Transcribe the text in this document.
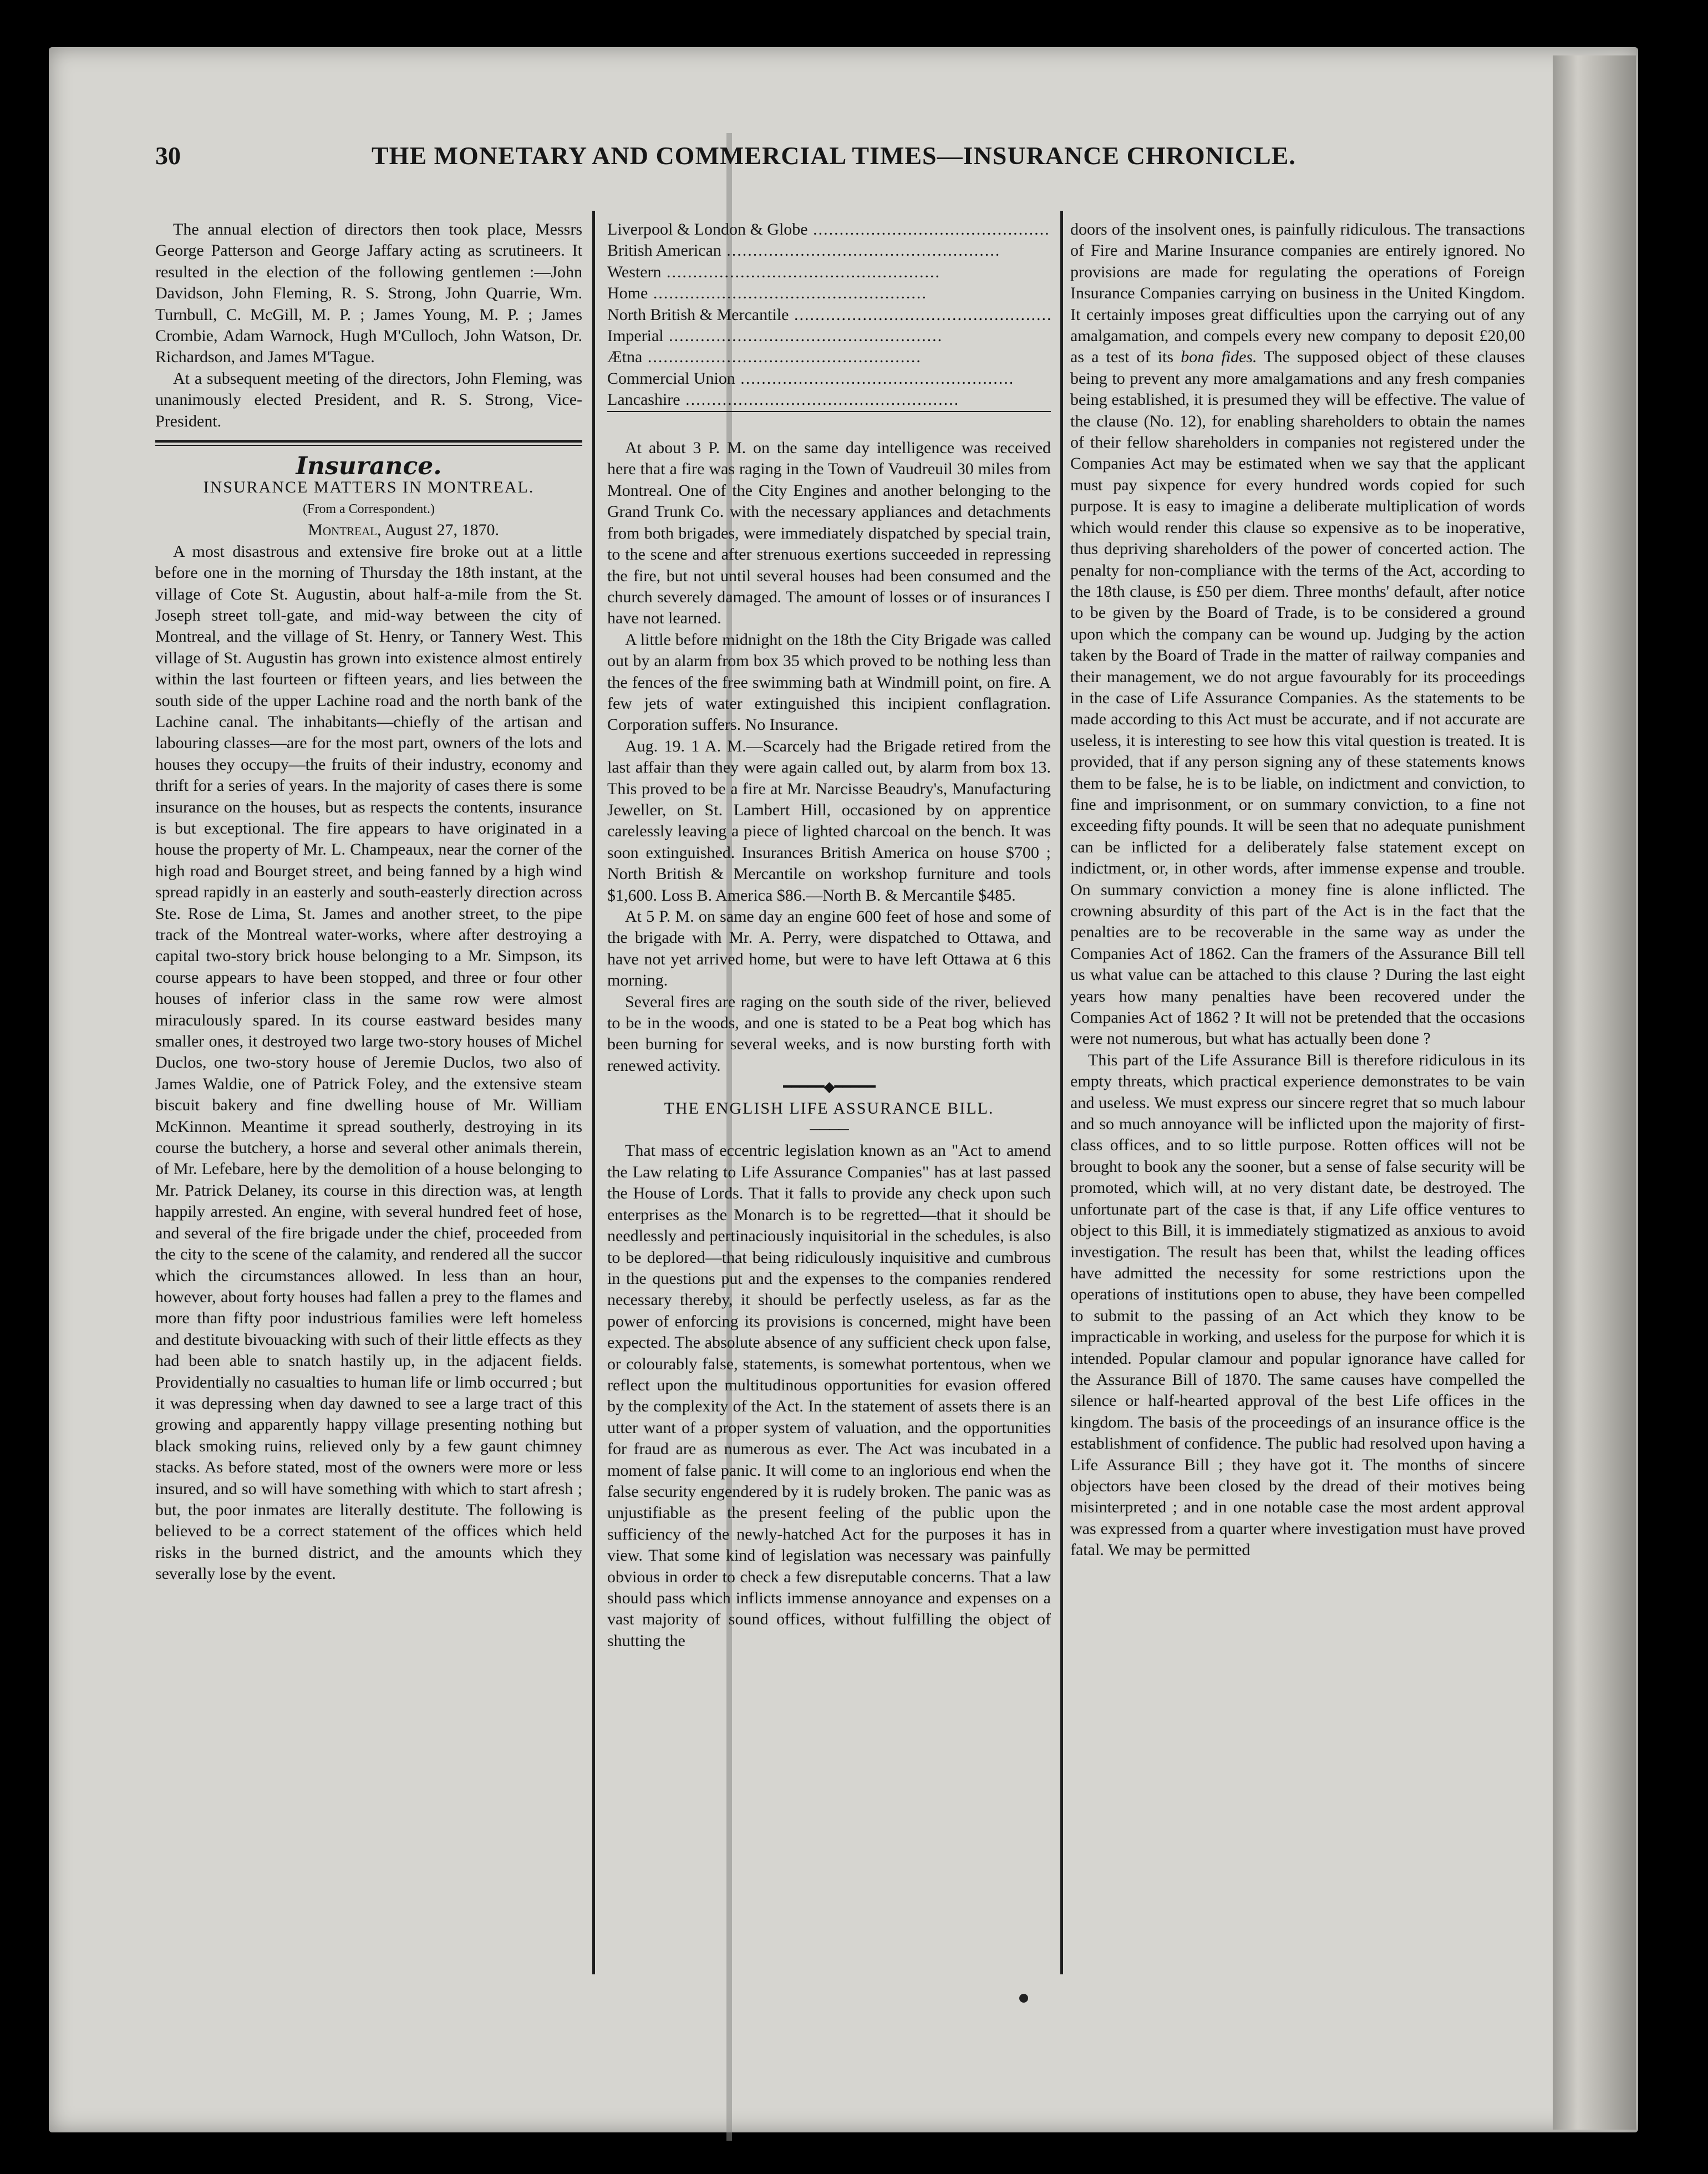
30	THE MONETARY AND COMMERCIAL TIMES—INSURANCE CHRONICLE.

The annual election of directors then took place, Messrs George Patterson and George Jaffary acting as scrutineers. It resulted in the election of the following gentlemen :—John Davidson, John Fleming, R. S. Strong, John Quarrie, Wm. Turnbull, C. McGill, M. P. ; James Young, M. P. ; James Crombie, Adam Warnock, Hugh M'Culloch, John Watson, Dr. Richardson, and James M'Tague.

At a subsequent meeting of the directors, John Fleming, was unanimously elected President, and R. S. Strong, Vice-President.

Insurance.

INSURANCE MATTERS IN MONTREAL.

(From a Correspondent.)

Montreal, August 27, 1870.

A most disastrous and extensive fire broke out at a little before one in the morning of Thursday the 18th instant, at the village of Cote St. Augustin, about half-a-mile from the St. Joseph street toll-gate, and mid-way between the city of Montreal, and the village of St. Henry, or Tannery West. This village of St. Augustin has grown into existence almost entirely within the last fourteen or fifteen years, and lies between the south side of the upper Lachine road and the north bank of the Lachine canal. The inhabitants—chiefly of the artisan and labouring classes—are for the most part, owners of the lots and houses they occupy—the fruits of their industry, economy and thrift for a series of years. In the majority of cases there is some insurance on the houses, but as respects the contents, insurance is but exceptional. The fire appears to have originated in a house the property of Mr. L. Champeaux, near the corner of the high road and Bourget street, and being fanned by a high wind spread rapidly in an easterly and south-easterly direction across Ste. Rose de Lima, St. James and another street, to the pipe track of the Montreal water-works, where after destroying a capital two-story brick house belonging to a Mr. Simpson, its course appears to have been stopped, and three or four other houses of inferior class in the same row were almost miraculously spared. In its course eastward besides many smaller ones, it destroyed two large two-story houses of Michel Duclos, one two-story house of Jeremie Duclos, two also of James Waldie, one of Patrick Foley, and the extensive steam biscuit bakery and fine dwelling house of Mr. William McKinnon. Meantime it spread southerly, destroying in its course the butchery, a horse and several other animals therein, of Mr. Lefebare, here by the demolition of a house belonging to Mr. Patrick Delaney, its course in this direction was, at length happily arrested. An engine, with several hundred feet of hose, and several of the fire brigade under the chief, proceeded from the city to the scene of the calamity, and rendered all the succor which the circumstances allowed. In less than an hour, however, about forty houses had fallen a prey to the flames and more than fifty poor industrious families were left homeless and destitute bivouacking with such of their little effects as they had been able to snatch hastily up, in the adjacent fields. Providentially no casualties to human life or limb occurred ; but it was depressing when day dawned to see a large tract of this growing and apparently happy village presenting nothing but black smoking ruins, relieved only by a few gaunt chimney stacks. As before stated, most of the owners were more or less insured, and so will have something with which to start afresh ; but, the poor inmates are literally destitute. The following is believed to be a correct statement of the offices which held risks in the burned district, and the amounts which they severally lose by the event.

Liverpool & London & Globe .....	
British American .....	
Western .....	
Home .....	
North British & Mercantile .....	
Imperial .....	
Ætna .....	
Commercial Union .....	
Lancashire .....	

At about 3 P. M. on the same day intelligence was received here that a fire was raging in the Town of Vaudreuil 30 miles from Montreal. One of the City Engines and another belonging to the Grand Trunk Co. with the necessary appliances and detachments from both brigades, were immediately dispatched by special train, to the scene and after strenuous exertions succeeded in repressing the fire, but not until several houses had been consumed and the church severely damaged. The amount of losses or of insurances I have not learned.

A little before midnight on the 18th the City Brigade was called out by an alarm from box 35 which proved to be nothing less than the fences of the free swimming bath at Windmill point, on fire. A few jets of water extinguished this incipient conflagration. Corporation suffers. No Insurance.

Aug. 19. 1 A. M.—Scarcely had the Brigade retired from the last affair than they were again called out, by alarm from box 13. This proved to be a fire at Mr. Narcisse Beaudry's, Manufacturing Jeweller, on St. Lambert Hill, occasioned by on apprentice carelessly leaving a piece of lighted charcoal on the bench. It was soon extinguished. Insurances British America on house $700 ; North British & Mercantile on workshop furniture and tools $1,600. Loss B. America $86.—North B. & Mercantile $485.

At 5 P. M. on same day an engine 600 feet of hose and some of the brigade with Mr. A. Perry, were dispatched to Ottawa, and have not yet arrived home, but were to have left Ottawa at 6 this morning.

Several fires are raging on the south side of the river, believed to be in the woods, and one is stated to be a Peat bog which has been burning for several weeks, and is now bursting forth with renewed activity.

━━━━━◆━━━━━

THE ENGLISH LIFE ASSURANCE BILL.

────

That mass of eccentric legislation known as an "Act to amend the Law relating to Life Assurance Companies" has at last passed the House of Lords. That it falls to provide any check upon such enterprises as the Monarch is to be regretted—that it should be needlessly and pertinaciously inquisitorial in the schedules, is also to be deplored—that being ridiculously inquisitive and cumbrous in the questions put and the expenses to the companies rendered necessary thereby, it should be perfectly useless, as far as the power of enforcing its provisions is concerned, might have been expected. The absolute absence of any sufficient check upon false, or colourably false, statements, is somewhat portentous, when we reflect upon the multitudinous opportunities for evasion offered by the complexity of the Act. In the statement of assets there is an utter want of a proper system of valuation, and the opportunities for fraud are as numerous as ever. The Act was incubated in a moment of false panic. It will come to an inglorious end when the false security engendered by it is rudely broken. The panic was as unjustifiable as the present feeling of the public upon the sufficiency of the newly-hatched Act for the purposes it has in view. That some kind of legislation was necessary was painfully obvious in order to check a few disreputable concerns. That a law should pass which inflicts immense annoyance and expenses on a vast majority of sound offices, without fulfilling the object of shutting the

doors of the insolvent ones, is painfully ridiculous. The transactions of Fire and Marine Insurance companies are entirely ignored. No provisions are made for regulating the operations of Foreign Insurance Companies carrying on business in the United Kingdom. It certainly imposes great difficulties upon the carrying out of any amalgamation, and compels every new company to deposit £20,00 as a test of its bona fides. The supposed object of these clauses being to prevent any more amalgamations and any fresh companies being established, it is presumed they will be effective. The value of the clause (No. 12), for enabling shareholders to obtain the names of their fellow shareholders in companies not registered under the Companies Act may be estimated when we say that the applicant must pay sixpence for every hundred words copied for such purpose. It is easy to imagine a deliberate multiplication of words which would render this clause so expensive as to be inoperative, thus depriving shareholders of the power of concerted action. The penalty for non-compliance with the terms of the Act, according to the 18th clause, is £50 per diem. Three months' default, after notice to be given by the Board of Trade, is to be considered a ground upon which the company can be wound up. Judging by the action taken by the Board of Trade in the matter of railway companies and their management, we do not argue favourably for its proceedings in the case of Life Assurance Companies. As the statements to be made according to this Act must be accurate, and if not accurate are useless, it is interesting to see how this vital question is treated. It is provided, that if any person signing any of these statements knows them to be false, he is to be liable, on indictment and conviction, to fine and imprisonment, or on summary conviction, to a fine not exceeding fifty pounds. It will be seen that no adequate punishment can be inflicted for a deliberately false statement except on indictment, or, in other words, after immense expense and trouble. On summary conviction a money fine is alone inflicted. The crowning absurdity of this part of the Act is in the fact that the penalties are to be recoverable in the same way as under the Companies Act of 1862. Can the framers of the Assurance Bill tell us what value can be attached to this clause ? During the last eight years how many penalties have been recovered under the Companies Act of 1862 ? It will not be pretended that the occasions were not numerous, but what has actually been done ?

This part of the Life Assurance Bill is therefore ridiculous in its empty threats, which practical experience demonstrates to be vain and useless. We must express our sincere regret that so much labour and so much annoyance will be inflicted upon the majority of first-class offices, and to so little purpose. Rotten offices will not be brought to book any the sooner, but a sense of false security will be promoted, which will, at no very distant date, be destroyed. The unfortunate part of the case is that, if any Life office ventures to object to this Bill, it is immediately stigmatized as anxious to avoid investigation. The result has been that, whilst the leading offices have admitted the necessity for some restrictions upon the operations of institutions open to abuse, they have been compelled to submit to the passing of an Act which they know to be impracticable in working, and useless for the purpose for which it is intended. Popular clamour and popular ignorance have called for the Assurance Bill of 1870. The same causes have compelled the silence or half-hearted approval of the best Life offices in the kingdom. The basis of the proceedings of an insurance office is the establishment of confidence. The public had resolved upon having a Life Assurance Bill ; they have got it. The months of sincere objectors have been closed by the dread of their motives being misinterpreted ; and in one notable case the most ardent approval was expressed from a quarter where investigation must have proved fatal. We may be permitted
